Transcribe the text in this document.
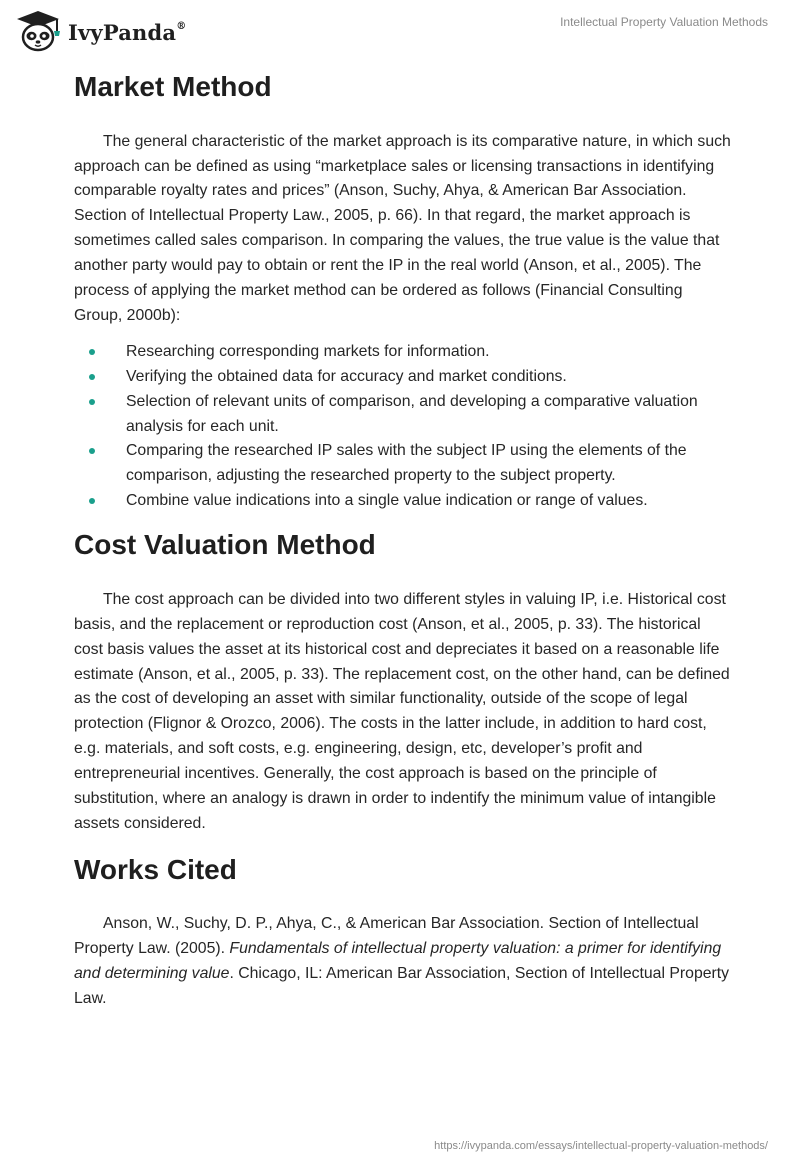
IvyPanda®	Intellectual Property Valuation Methods
Market Method

The general characteristic of the market approach is its comparative nature, in which such approach can be defined as using “marketplace sales or licensing transactions in identifying comparable royalty rates and prices” (Anson, Suchy, Ahya, & American Bar Association. Section of Intellectual Property Law., 2005, p. 66). In that regard, the market approach is sometimes called sales comparison. In comparing the values, the true value is the value that another party would pay to obtain or rent the IP in the real world (Anson, et al., 2005). The process of applying the market method can be ordered as follows (Financial Consulting Group, 2000b):

Researching corresponding markets for information.
Verifying the obtained data for accuracy and market conditions.
Selection of relevant units of comparison, and developing a comparative valuation analysis for each unit.
Comparing the researched IP sales with the subject IP using the elements of the comparison, adjusting the researched property to the subject property.
Combine value indications into a single value indication or range of values.
Cost Valuation Method

The cost approach can be divided into two different styles in valuing IP, i.e. Historical cost basis, and the replacement or reproduction cost (Anson, et al., 2005, p. 33). The historical cost basis values the asset at its historical cost and depreciates it based on a reasonable life estimate (Anson, et al., 2005, p. 33). The replacement cost, on the other hand, can be defined as the cost of developing an asset with similar functionality, outside of the scope of legal protection (Flignor & Orozco, 2006). The costs in the latter include, in addition to hard cost, e.g. materials, and soft costs, e.g. engineering, design, etc, developer’s profit and entrepreneurial incentives. Generally, the cost approach is based on the principle of substitution, where an analogy is drawn in order to indentify the minimum value of intangible assets considered.

Works Cited

Anson, W., Suchy, D. P., Ahya, C., & American Bar Association. Section of Intellectual Property Law. (2005). Fundamentals of intellectual property valuation: a primer for identifying and determining value. Chicago, IL: American Bar Association, Section of Intellectual Property Law.

https://ivypanda.com/essays/intellectual-property-valuation-methods/
